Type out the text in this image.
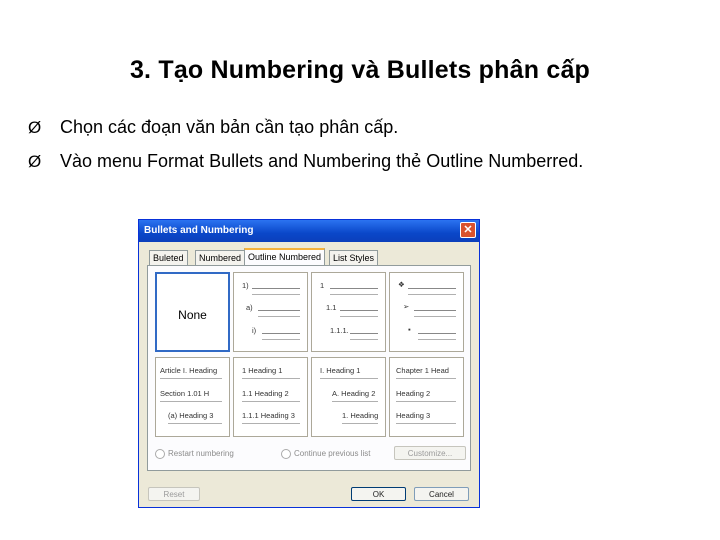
3. Tạo Numbering và Bullets phân cấp
Ø Chọn các đoạn văn bản cần tạo phân cấp.
Ø Vào menu Format Bullets and Numbering thẻ Outline Numberred.
Bullets and Numbering	✕
Buleted	Numbered Outline Numbered	List Styles
None
1)
a)
i)
1
1.1
1.1.1.
❖
➢
▪
Article I. Heading
Section 1.01 H
(a) Heading 3
1 Heading 1
1.1 Heading 2
1.1.1 Heading 3
I. Heading 1
A. Heading 2
1. Heading
Chapter 1 Head
Heading 2
Heading 3
Restart numbering	Continue previous list	Customize...
Reset	OK	Cancel
